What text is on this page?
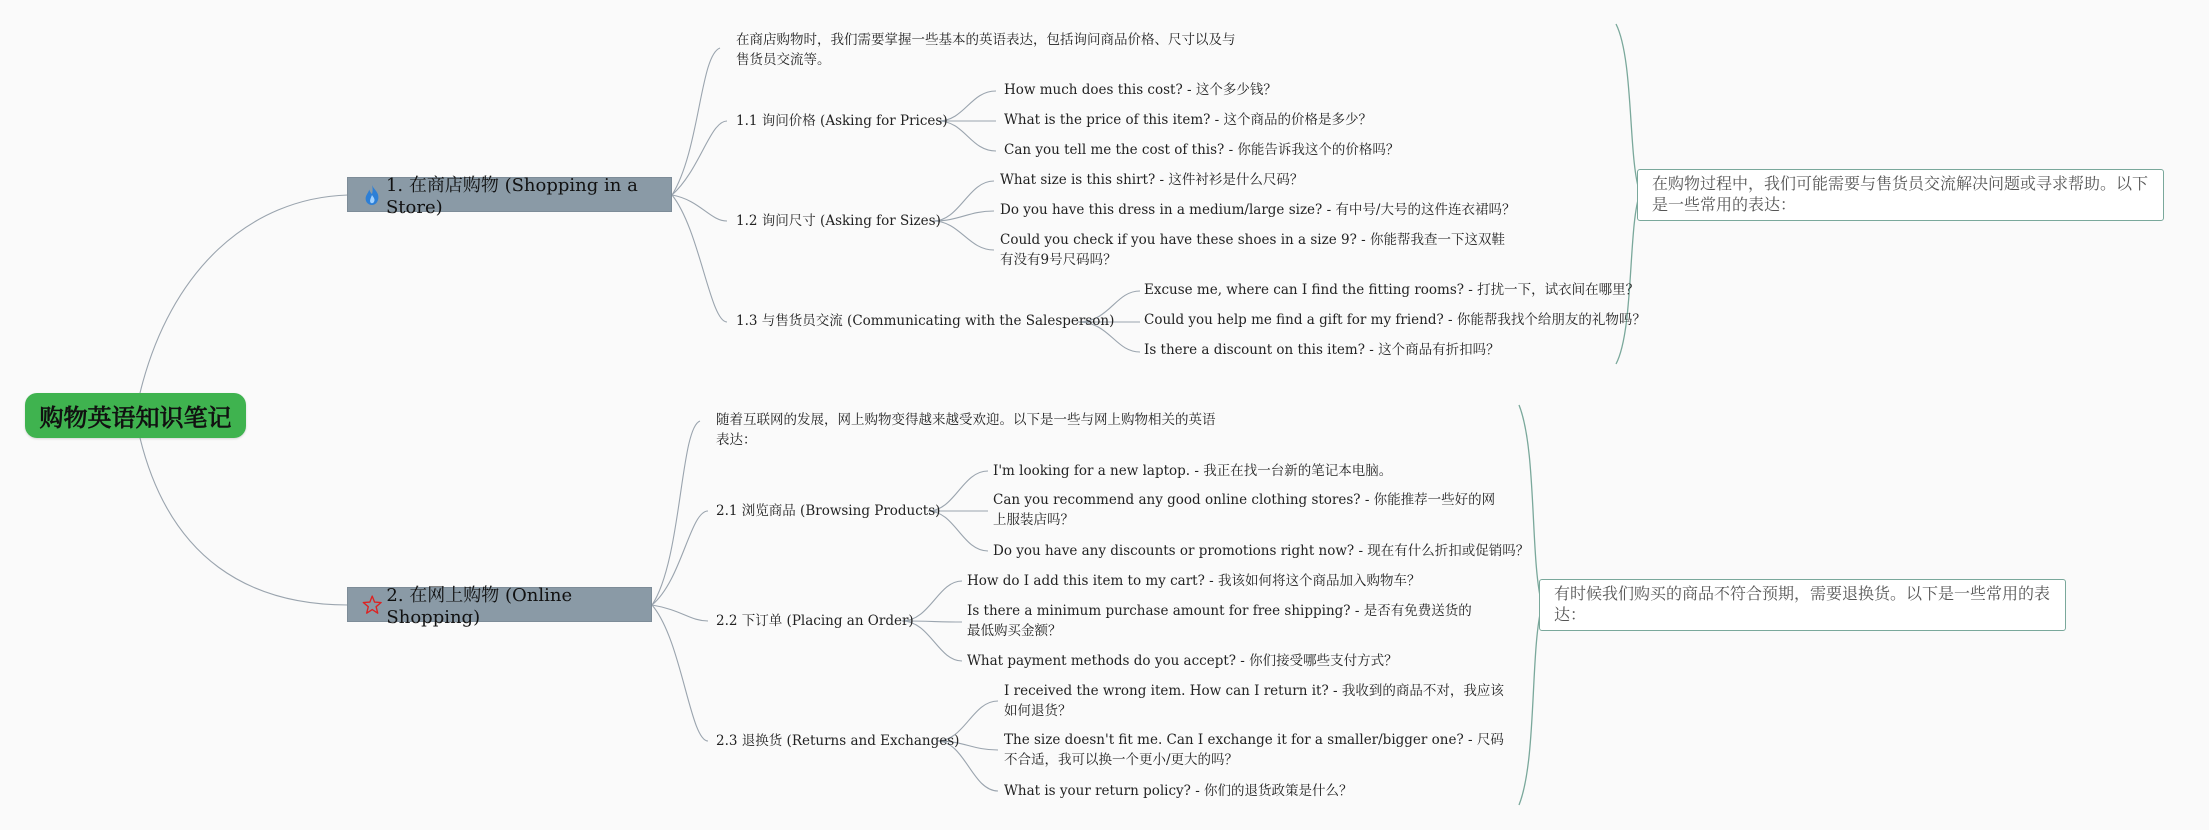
购物英语知识笔记
1. 在商店购物 (Shopping in a Store)
在商店购物时，我们需要掌握一些基本的英语表达，包括询问商品价格、尺寸以及与售货员交流等。
1.1 询问价格 (Asking for Prices)
How much does this cost? - 这个多少钱？
What is the price of this item? - 这个商品的价格是多少？
Can you tell me the cost of this? - 你能告诉我这个的价格吗？
1.2 询问尺寸 (Asking for Sizes)
What size is this shirt? - 这件衬衫是什么尺码？
Do you have this dress in a medium/large size? - 有中号/大号的这件连衣裙吗？
Could you check if you have these shoes in a size 9? - 你能帮我查一下这双鞋有没有9号尺码吗？
1.3 与售货员交流 (Communicating with the Salesperson)
Excuse me, where can I find the fitting rooms? - 打扰一下，试衣间在哪里？
Could you help me find a gift for my friend? - 你能帮我找个给朋友的礼物吗？
Is there a discount on this item? - 这个商品有折扣吗？
在购物过程中，我们可能需要与售货员交流解决问题或寻求帮助。以下是一些常用的表达：
2. 在网上购物 (Online Shopping)
随着互联网的发展，网上购物变得越来越受欢迎。以下是一些与网上购物相关的英语表达：
2.1 浏览商品 (Browsing Products)
I'm looking for a new laptop. - 我正在找一台新的笔记本电脑。
Can you recommend any good online clothing stores? - 你能推荐一些好的网上服装店吗？
Do you have any discounts or promotions right now? - 现在有什么折扣或促销吗？
2.2 下订单 (Placing an Order)
How do I add this item to my cart? - 我该如何将这个商品加入购物车？
Is there a minimum purchase amount for free shipping? - 是否有免费送货的最低购买金额？
What payment methods do you accept? - 你们接受哪些支付方式？
2.3 退换货 (Returns and Exchanges)
I received the wrong item. How can I return it? - 我收到的商品不对，我应该如何退货？
The size doesn't fit me. Can I exchange it for a smaller/bigger one? - 尺码不合适，我可以换一个更小/更大的吗？
What is your return policy? - 你们的退货政策是什么？
有时候我们购买的商品不符合预期，需要退换货。以下是一些常用的表达：
